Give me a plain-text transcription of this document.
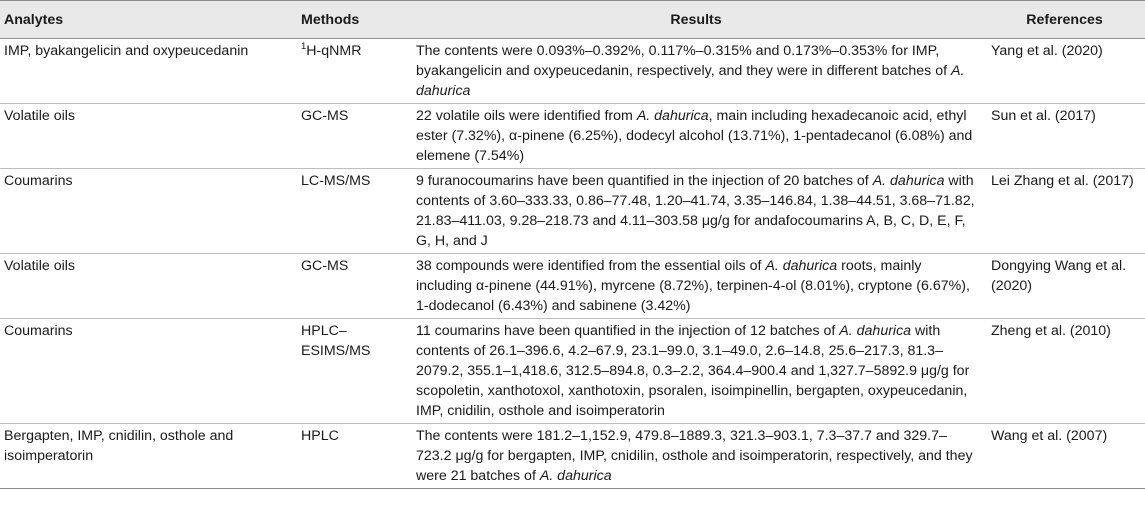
Analytes	Methods	Results	References
IMP, byakangelicin and oxypeucedanin	$^1$H-qNMR	The contents were 0.093%–0.392%, 0.117%–0.315% and 0.173%–0.353% for IMP, byakangelicin and oxypeucedanin, respectively, and they were in different batches of A. dahurica	Yang et al. (2020)
Volatile oils	GC-MS	22 volatile oils were identified from A. dahurica, main including hexadecanoic acid, ethyl ester (7.32%), α-pinene (6.25%), dodecyl alcohol (13.71%), 1-pentadecanol (6.08%) and elemene (7.54%)	Sun et al. (2017)
Coumarins	LC-MS/MS	9 furanocoumarins have been quantified in the injection of 20 batches of A. dahurica with contents of 3.60–333.33, 0.86–77.48, 1.20–41.74, 3.35–146.84, 1.38–44.51, 3.68–71.82, 21.83–411.03, 9.28–218.73 and 4.11–303.58 μg/g for andafocoumarins A, B, C, D, E, F, G, H, and J	Lei Zhang et al. (2017)
Volatile oils	GC-MS	38 compounds were identified from the essential oils of A. dahurica roots, mainly including α-pinene (44.91%), myrcene (8.72%), terpinen-4-ol (8.01%), cryptone (6.67%), 1-dodecanol (6.43%) and sabinene (3.42%)	Dongying Wang et al. (2020)
Coumarins	HPLC–ESIMS/MS	11 coumarins have been quantified in the injection of 12 batches of A. dahurica with contents of 26.1–396.6, 4.2–67.9, 23.1–99.0, 3.1–49.0, 2.6–14.8, 25.6–217.3, 81.3–2079.2, 355.1–1,418.6, 312.5–894.8, 0.3–2.2, 364.4–900.4 and 1,327.7–5892.9 μg/g for scopoletin, xanthotoxol, xanthotoxin, psoralen, isoimpinellin, bergapten, oxypeucedanin, IMP, cnidilin, osthole and isoimperatorin	Zheng et al. (2010)
Bergapten, IMP, cnidilin, osthole and isoimperatorin	HPLC	The contents were 181.2–1,152.9, 479.8–1889.3, 321.3–903.1, 7.3–37.7 and 329.7–723.2 μg/g for bergapten, IMP, cnidilin, osthole and isoimperatorin, respectively, and they were 21 batches of A. dahurica	Wang et al. (2007)
